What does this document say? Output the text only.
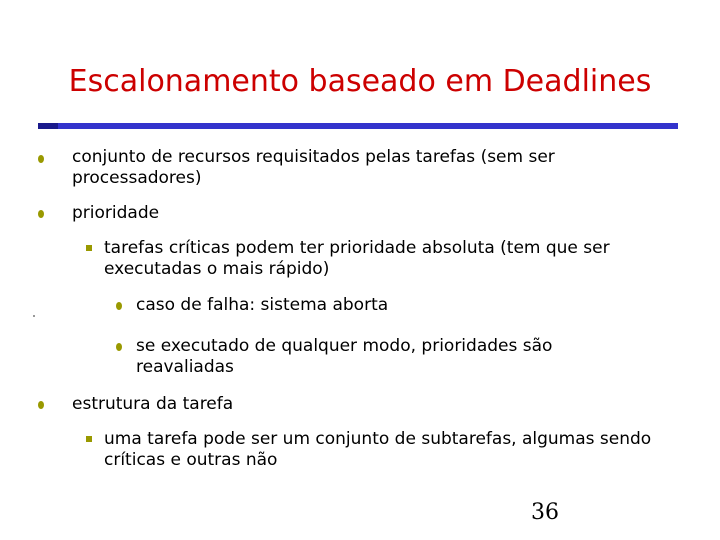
Escalonamento baseado em Deadlines
conjunto de recursos requisitados pelas tarefas (sem ser processadores)
prioridade
tarefas críticas podem ter prioridade absoluta (tem que ser executadas o mais rápido)
caso de falha: sistema aborta
se executado de qualquer modo, prioridades são reavaliadas
estrutura da tarefa
uma tarefa pode ser um conjunto de subtarefas, algumas sendo críticas e outras não
36
